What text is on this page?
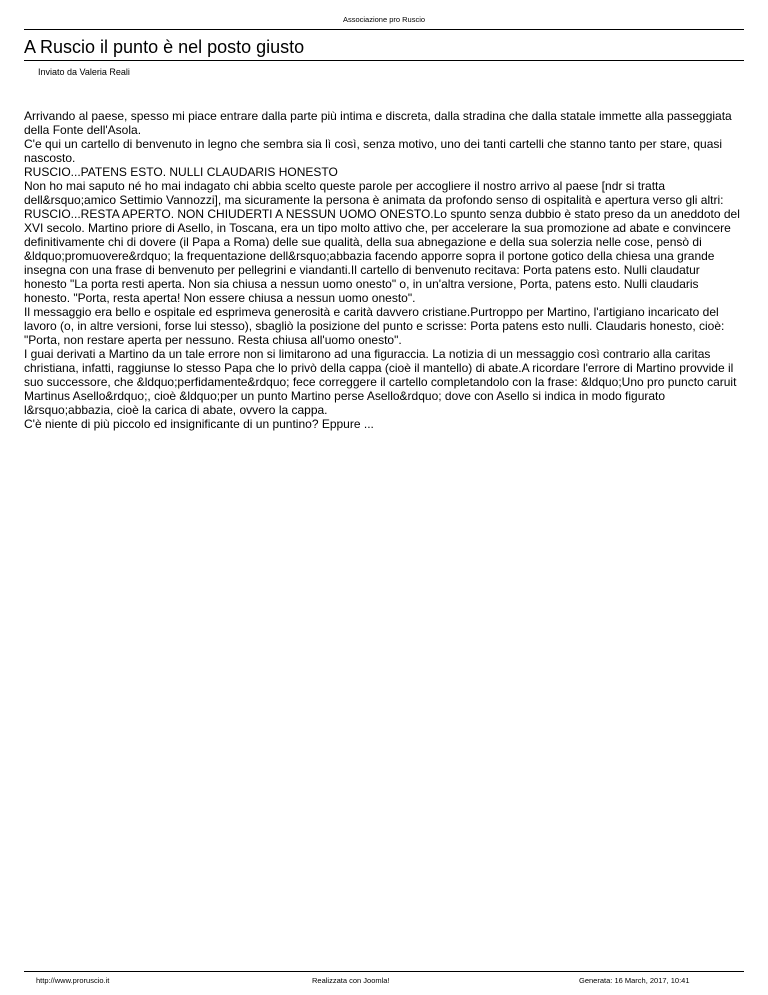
Associazione pro Ruscio
A Ruscio il punto è nel posto giusto
Inviato da Valeria Reali

Arrivando al paese, spesso mi piace entrare dalla parte più intima e discreta, dalla stradina che dalla statale immette alla passeggiata della Fonte dell'Asola.

C'e qui un cartello di benvenuto in legno che sembra sia lì così, senza motivo, uno dei tanti cartelli che stanno tanto per stare, quasi nascosto.

RUSCIO...PATENS ESTO. NULLI CLAUDARIS HONESTO

Non ho mai saputo né ho mai indagato chi abbia scelto queste parole per accogliere il nostro arrivo al paese [ndr si tratta dell&rsquo;amico Settimio Vannozzi], ma sicuramente la persona è animata da profondo senso di ospitalità e apertura verso gli altri: RUSCIO...RESTA APERTO. NON CHIUDERTI A NESSUN UOMO ONESTO.Lo spunto senza dubbio è stato preso da un aneddoto del XVI secolo. Martino priore di Asello, in Toscana, era un tipo molto attivo che, per accelerare la sua promozione ad abate e convincere definitivamente chi di dovere (il Papa a Roma) delle sue qualità, della sua abnegazione e della sua solerzia nelle cose, pensò di &ldquo;promuovere&rdquo; la frequentazione dell&rsquo;abbazia facendo apporre sopra il portone gotico della chiesa una grande insegna con una frase di benvenuto per pellegrini e viandanti.Il cartello di benvenuto recitava: Porta patens esto. Nulli claudatur honesto "La porta resti aperta. Non sia chiusa a nessun uomo onesto" o, in un'altra versione, Porta, patens esto. Nulli claudaris honesto. "Porta, resta aperta! Non essere chiusa a nessun uomo onesto".

Il messaggio era bello e ospitale ed esprimeva generosità e carità davvero cristiane.Purtroppo per Martino, l'artigiano incaricato del lavoro (o, in altre versioni, forse lui stesso), sbagliò la posizione del punto e scrisse: Porta patens esto nulli. Claudaris honesto, cioè: "Porta, non restare aperta per nessuno. Resta chiusa all'uomo onesto".

I guai derivati a Martino da un tale errore non si limitarono ad una figuraccia. La notizia di un messaggio così contrario alla caritas christiana, infatti, raggiunse lo stesso Papa che lo privò della cappa (cioè il mantello) di abate.A ricordare l'errore di Martino provvide il suo successore, che &ldquo;perfidamente&rdquo; fece correggere il cartello completandolo con la frase: &ldquo;Uno pro puncto caruit Martinus Asello&rdquo;, cioè &ldquo;per un punto Martino perse Asello&rdquo; dove con Asello si indica in modo figurato l&rsquo;abbazia, cioè la carica di abate, ovvero la cappa.

C'è niente di più piccolo ed insignificante di un puntino? Eppure ...

http://www.proruscio.it	Realizzata con Joomla!	Generata: 16 March, 2017, 10:41
